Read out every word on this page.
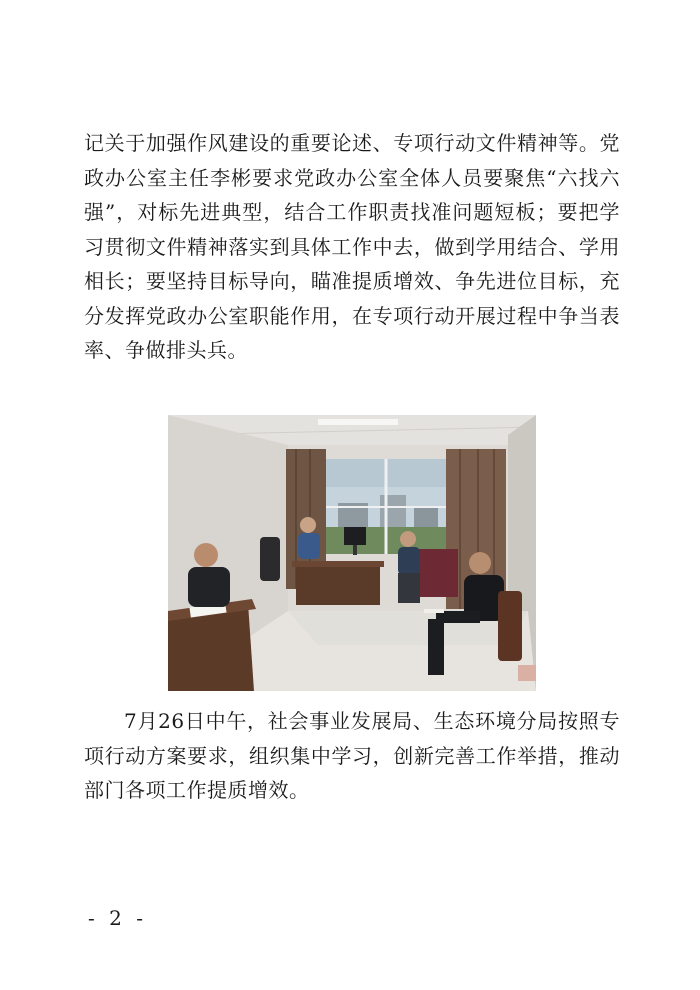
记关于加强作风建设的重要论述、专项行动文件精神等。党政办公室主任李彬要求党政办公室全体人员要聚焦“六找六强”，对标先进典型，结合工作职责找准问题短板；要把学习贯彻文件精神落实到具体工作中去，做到学用结合、学用相长；要坚持目标导向，瞄准提质增效、争先进位目标，充分发挥党政办公室职能作用，在专项行动开展过程中争当表率、争做排头兵。

7月26日中午，社会事业发展局、生态环境分局按照专项行动方案要求，组织集中学习，创新完善工作举措，推动部门各项工作提质增效。

- 2 -
